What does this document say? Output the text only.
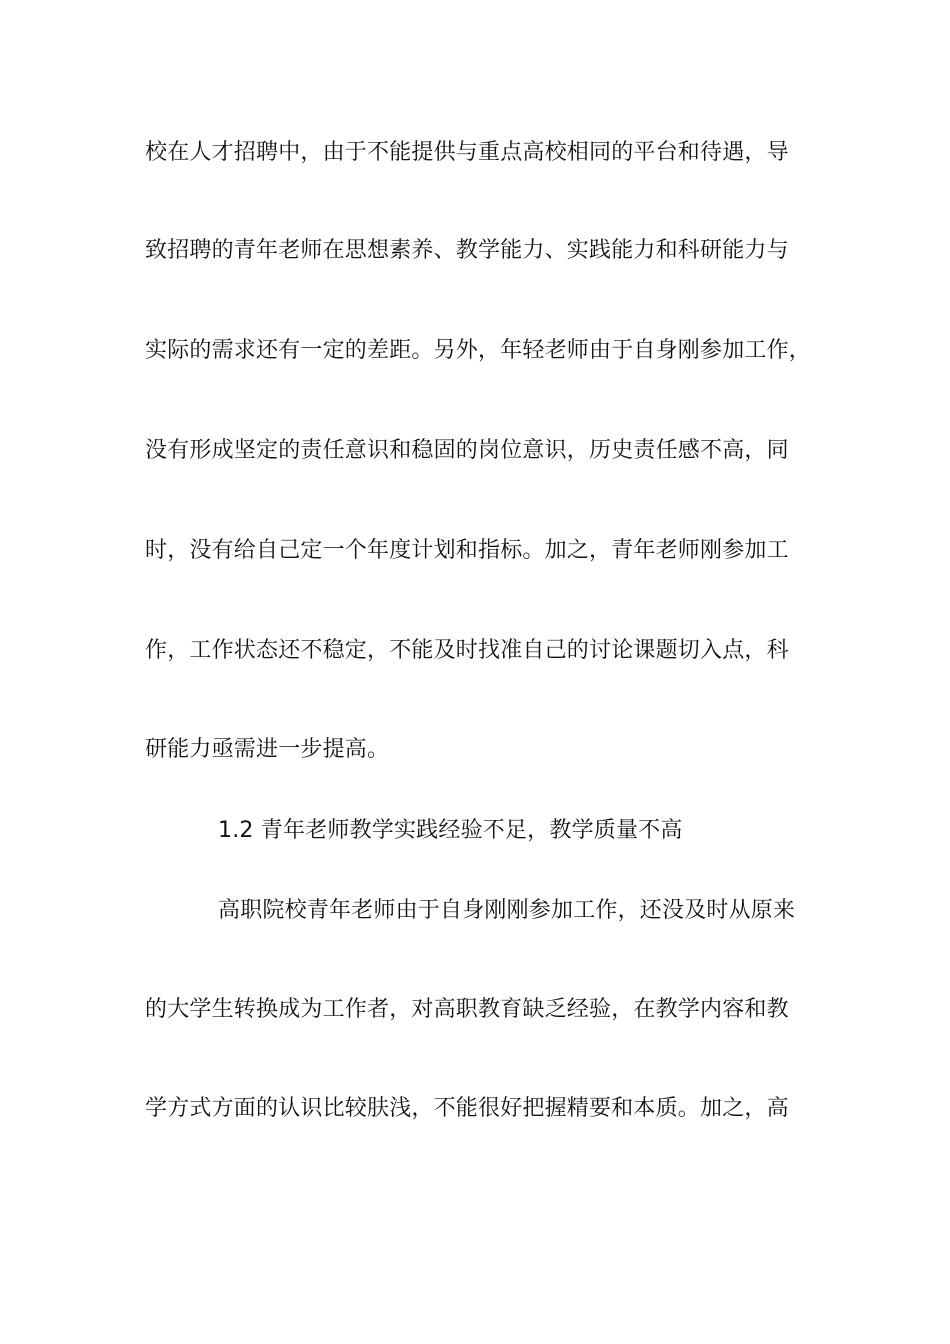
校在人才招聘中，由于不能提供与重点高校相同的平台和待遇，导
致招聘的青年老师在思想素养、教学能力、实践能力和科研能力与
实际的需求还有一定的差距。另外，年轻老师由于自身刚参加工作，
没有形成坚定的责任意识和稳固的岗位意识，历史责任感不高，同
时，没有给自己定一个年度计划和指标。加之，青年老师刚参加工
作，工作状态还不稳定，不能及时找准自己的讨论课题切入点，科
研能力亟需进一步提高。
1.2 青年老师教学实践经验不足，教学质量不高
高职院校青年老师由于自身刚刚参加工作，还没及时从原来
的大学生转换成为工作者，对高职教育缺乏经验，在教学内容和教
学方式方面的认识比较肤浅，不能很好把握精要和本质。加之，高
